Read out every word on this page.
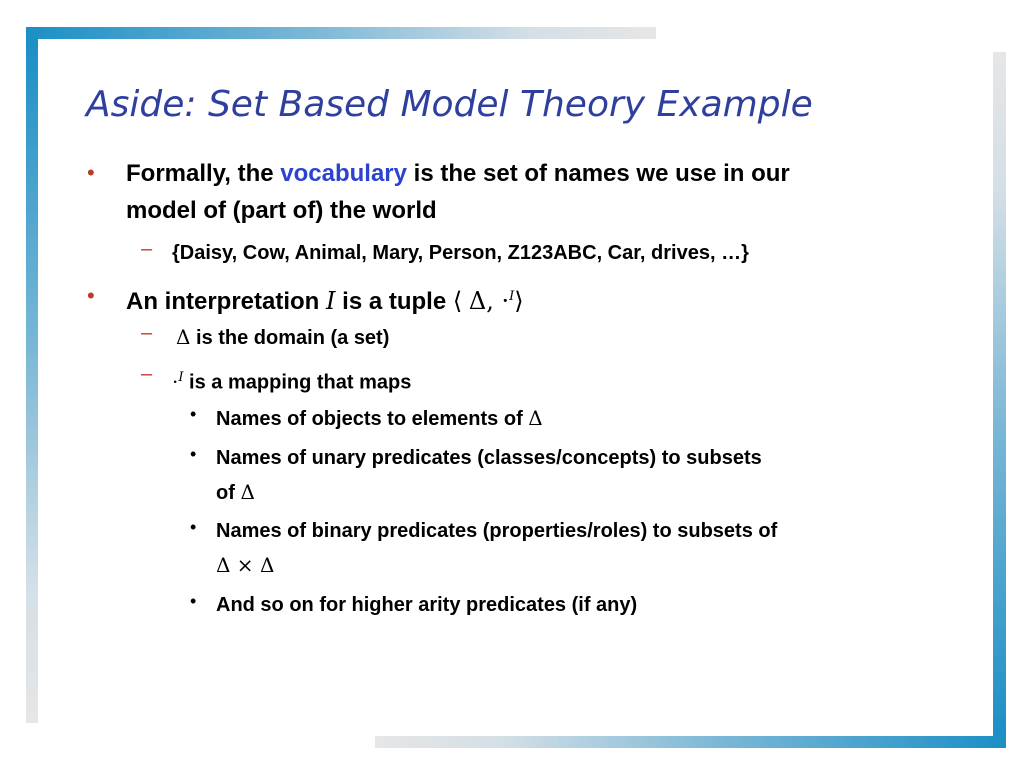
Aside: Set Based Model Theory Example
• Formally, the vocabulary is the set of names we use in our
model of (part of) the world
– {Daisy, Cow, Animal, Mary, Person, Z123ABC, Car, drives, …}
• An interpretation I is a tuple ⟨ Δ, ·$^I$⟩
– Δ is the domain (a set)
– ·$^I$ is a mapping that maps
• Names of objects to elements of Δ
• Names of unary predicates (classes/concepts) to subsets
of Δ
• Names of binary predicates (properties/roles) to subsets of
Δ × Δ
• And so on for higher arity predicates (if any)
